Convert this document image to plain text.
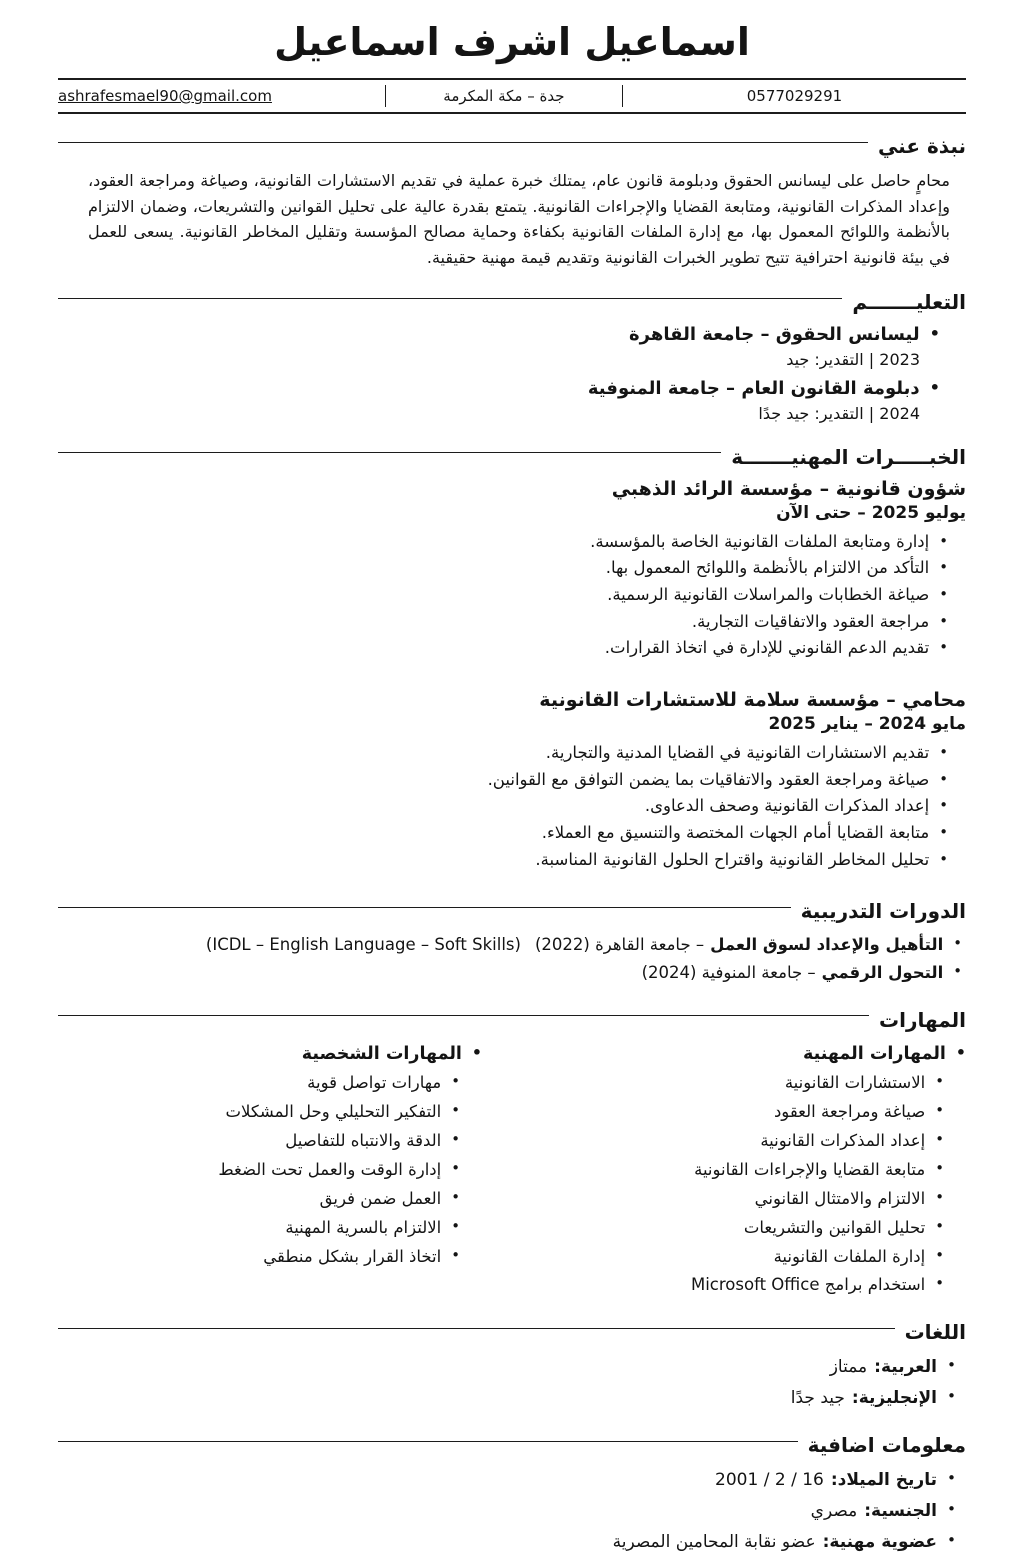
اسماعيل اشرف اسماعيل
ashrafesmael90@gmail.com	جدة – مكة المكرمة	0577029291
نبذة عني

محامٍ حاصل على ليسانس الحقوق ودبلومة قانون عام، يمتلك خبرة عملية في تقديم الاستشارات القانونية، وصياغة ومراجعة العقود، وإعداد المذكرات القانونية، ومتابعة القضايا والإجراءات القانونية. يتمتع بقدرة عالية على تحليل القوانين والتشريعات، وضمان الالتزام بالأنظمة واللوائح المعمول بها، مع إدارة الملفات القانونية بكفاءة وحماية مصالح المؤسسة وتقليل المخاطر القانونية. يسعى للعمل في بيئة قانونية احترافية تتيح تطوير الخبرات القانونية وتقديم قيمة مهنية حقيقية.

التعليـــــــم
• ليسانس الحقوق – جامعة القاهرة
2023 | التقدير: جيد
• دبلومة القانون العام – جامعة المنوفية
2024 | التقدير: جيد جدًا
الخبـــــرات المهنيـــــــة
شؤون قانونية – مؤسسة الرائد الذهبي
يوليو 2025 – حتى الآن
• إدارة ومتابعة الملفات القانونية الخاصة بالمؤسسة.
• التأكد من الالتزام بالأنظمة واللوائح المعمول بها.
• صياغة الخطابات والمراسلات القانونية الرسمية.
• مراجعة العقود والاتفاقيات التجارية.
• تقديم الدعم القانوني للإدارة في اتخاذ القرارات.
محامي – مؤسسة سلامة للاستشارات القانونية
مايو 2024 – يناير 2025
• تقديم الاستشارات القانونية في القضايا المدنية والتجارية.
• صياغة ومراجعة العقود والاتفاقيات بما يضمن التوافق مع القوانين.
• إعداد المذكرات القانونية وصحف الدعاوى.
• متابعة القضايا أمام الجهات المختصة والتنسيق مع العملاء.
• تحليل المخاطر القانونية واقتراح الحلول القانونية المناسبة.
الدورات التدريبية
• التأهيل والإعداد لسوق العمل
– جامعة القاهرة (2022)
(ICDL – English Language – Soft Skills)
• التحول الرقمي
– جامعة المنوفية (2024)
المهارات
• المهارات المهنية
• الاستشارات القانونية
• صياغة ومراجعة العقود
• إعداد المذكرات القانونية
• متابعة القضايا والإجراءات القانونية
• الالتزام والامتثال القانوني
• تحليل القوانين والتشريعات
• إدارة الملفات القانونية
• استخدام برامج Microsoft Office
• المهارات الشخصية
• مهارات تواصل قوية
• التفكير التحليلي وحل المشكلات
• الدقة والانتباه للتفاصيل
• إدارة الوقت والعمل تحت الضغط
• العمل ضمن فريق
• الالتزام بالسرية المهنية
• اتخاذ القرار بشكل منطقي
اللغات
• العربية:
ممتاز
• الإنجليزية:
جيد جدًا
معلومات اضافية
• تاريخ الميلاد:
16 / 2 / 2001
• الجنسية:
مصري
• عضوية مهنية:
عضو نقابة المحامين المصرية
